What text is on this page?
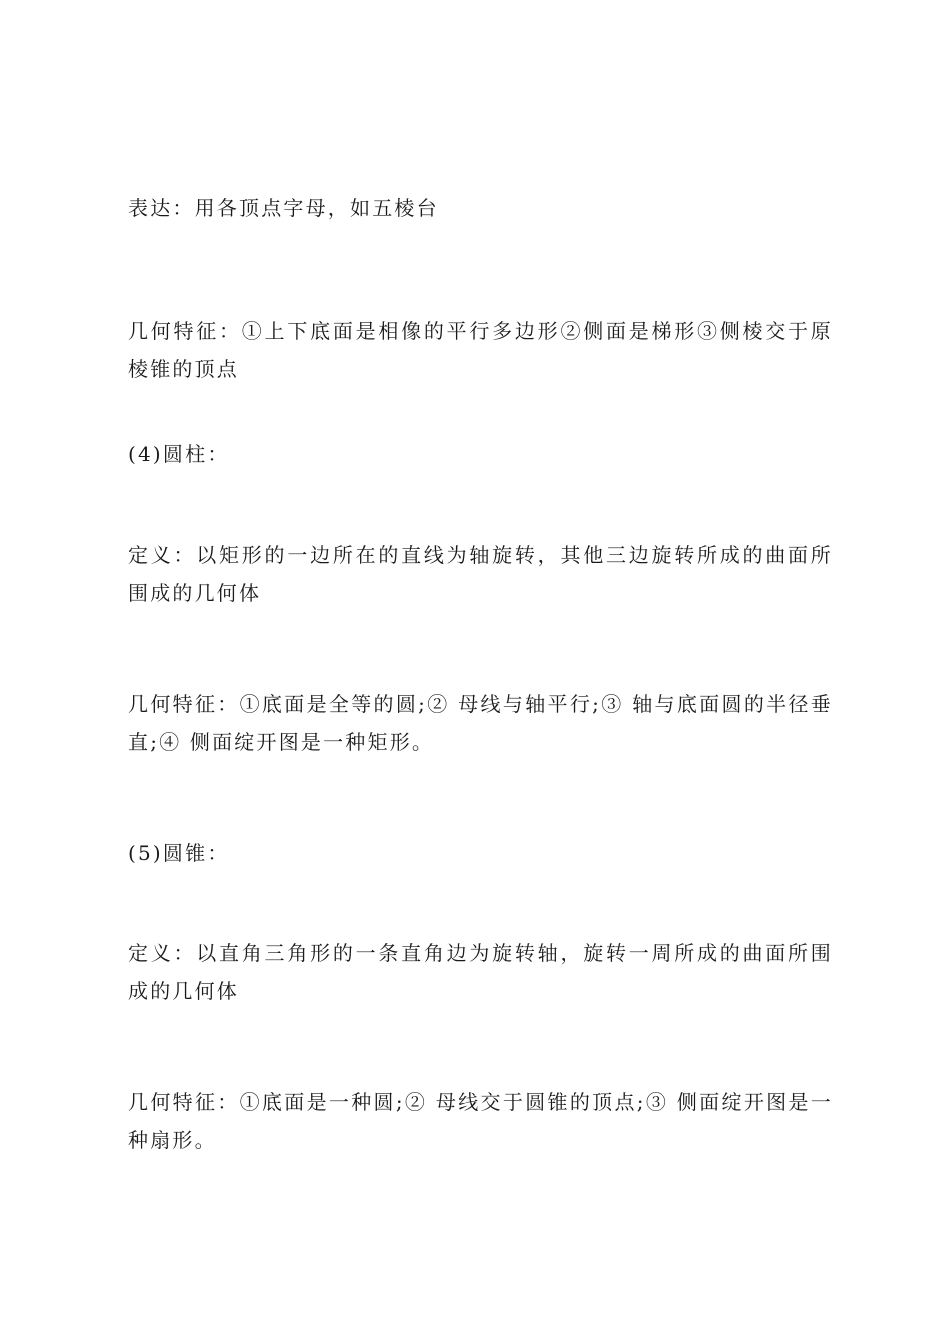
表达：用各顶点字母，如五棱台

几何特征：①上下底面是相像的平行多边形②侧面是梯形③侧棱交于原棱锥的顶点

(4)圆柱：

定义：以矩形的一边所在的直线为轴旋转，其他三边旋转所成的曲面所围成的几何体

几何特征：①底面是全等的圆;② 母线与轴平行;③ 轴与底面圆的半径垂直;④ 侧面绽开图是一种矩形。

(5)圆锥：

定义：以直角三角形的一条直角边为旋转轴，旋转一周所成的曲面所围成的几何体

几何特征：①底面是一种圆;② 母线交于圆锥的顶点;③ 侧面绽开图是一种扇形。
